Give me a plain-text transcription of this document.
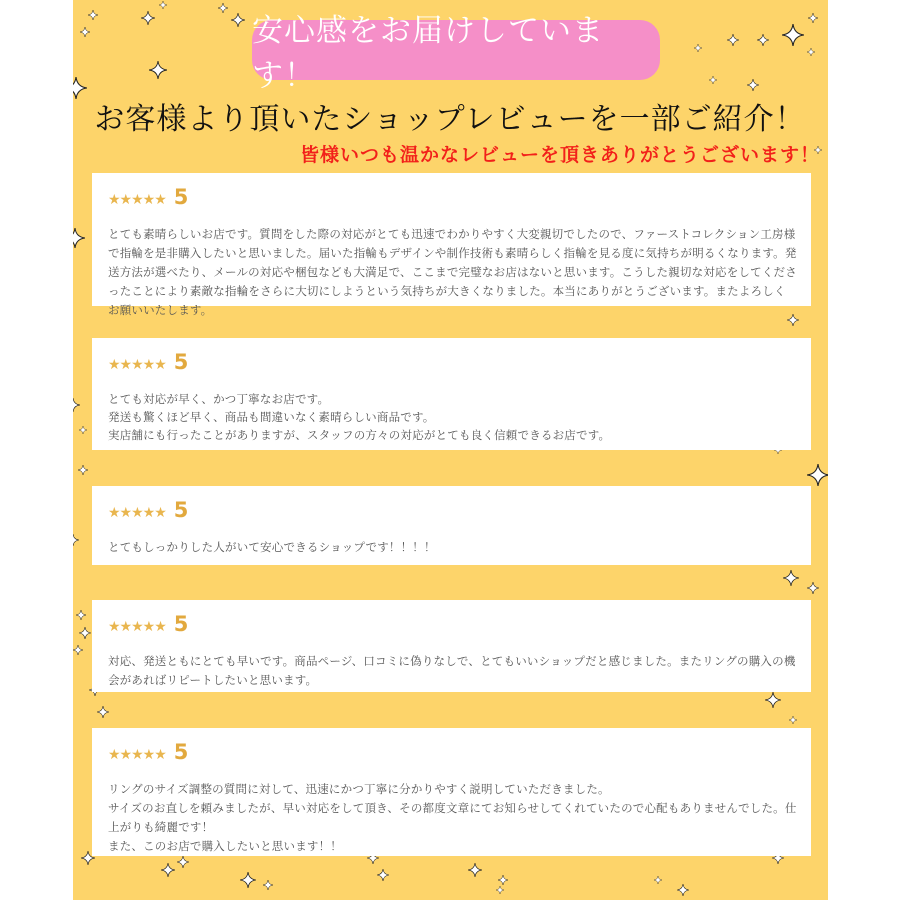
安心感をお届けしています！
お客様より頂いたショップレビューを一部ご紹介！
皆様いつも温かなレビューを頂きありがとうございます！
★★★★★ 5

とても素晴らしいお店です。質問をした際の対応がとても迅速でわかりやすく大変親切でしたので、ファーストコレクション工房様で指輪を是非購入したいと思いました。届いた指輪もデザインや制作技術も素晴らしく指輪を見る度に気持ちが明るくなります。発送方法が選べたり、メールの対応や梱包なども大満足で、ここまで完璧なお店はないと思います。こうした親切な対応をしてくださったことにより素敵な指輪をさらに大切にしようという気持ちが大きくなりました。本当にありがとうございます。またよろしくお願いいたします。

★★★★★ 5

とても対応が早く、かつ丁寧なお店です。

発送も驚くほど早く、商品も間違いなく素晴らしい商品です。

実店舗にも行ったことがありますが、スタッフの方々の対応がとても良く信頼できるお店です。

★★★★★ 5

とてもしっかりした人がいて安心できるショップです！！！！

★★★★★ 5

対応、発送ともにとても早いです。商品ページ、口コミに偽りなしで、とてもいいショップだと感じました。またリングの購入の機会があればリピートしたいと思います。

★★★★★ 5

リングのサイズ調整の質問に対して、迅速にかつ丁寧に分かりやすく説明していただきました。

サイズのお直しを頼みましたが、早い対応をして頂き、その都度文章にてお知らせしてくれていたので心配もありませんでした。仕上がりも綺麗です！

また、このお店で購入したいと思います！！
